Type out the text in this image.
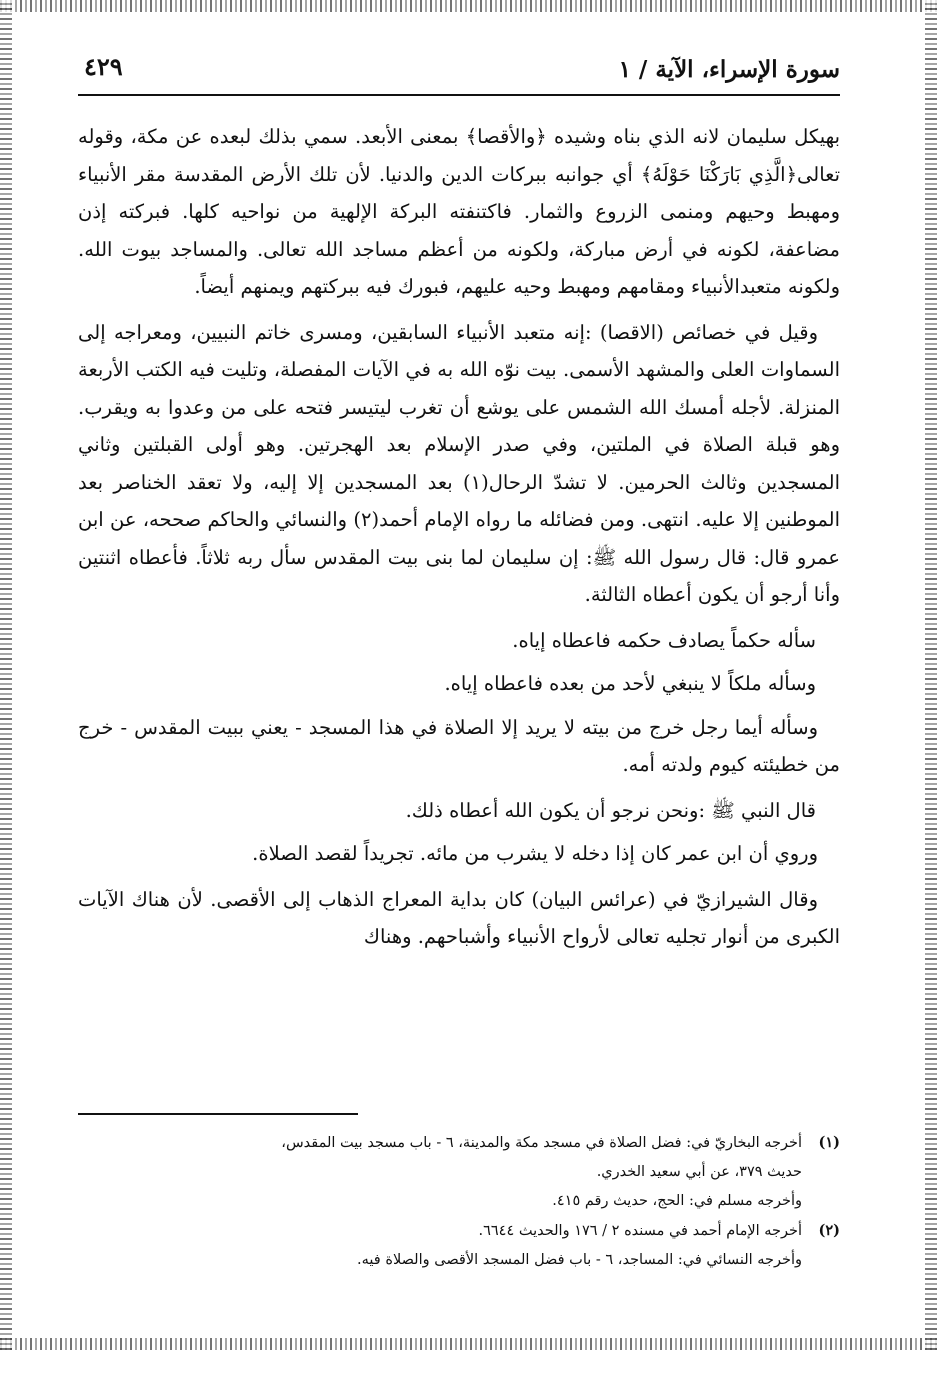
سورة الإسراء، الآية / ١
٤٢٩

بهيكل سليمان لانه الذي بناه وشيده ﴿والأقصا﴾ بمعنى الأبعد. سمي بذلك لبعده عن مكة، وقوله تعالى﴿الَّذِي بَارَكْنَا حَوْلَهُ﴾ أي جوانبه ببركات الدين والدنيا. لأن تلك الأرض المقدسة مقر الأنبياء ومهبط وحيهم ومنمى الزروع والثمار. فاكتنفته البركة الإلهية من نواحيه كلها. فبركته إذن مضاعفة، لكونه في أرض مباركة، ولكونه من أعظم مساجد الله تعالى. والمساجد بيوت الله. ولكونه متعبدالأنبياء ومقامهم ومهبط وحيه عليهم، فبورك فيه ببركتهم ويمنهم أيضاً.

وقيل في خصائص (الاقصا) :إنه متعبد الأنبياء السابقين، ومسرى خاتم النبيين، ومعراجه إلى السماوات العلى والمشهد الأسمى. بيت نوّه الله به في الآيات المفصلة، وتليت فيه الكتب الأربعة المنزلة. لأجله أمسك الله الشمس على يوشع أن تغرب ليتيسر فتحه على من وعدوا به ويقرب. وهو قبلة الصلاة في الملتين، وفي صدر الإسلام بعد الهجرتين. وهو أولى القبلتين وثاني المسجدين وثالث الحرمين. لا تشدّ الرحال(١) بعد المسجدين إلا إليه، ولا تعقد الخناصر بعد الموطنين إلا عليه. انتهى. ومن فضائله ما رواه الإمام أحمد(٢) والنسائي والحاكم صححه، عن ابن عمرو قال: قال رسول الله ﷺ: إن سليمان لما بنى بيت المقدس سأل ربه ثلاثاً. فأعطاه اثنتين وأنا أرجو أن يكون أعطاه الثالثة.

سأله حكماً يصادف حكمه فاعطاه إياه.

وسأله ملكاً لا ينبغي لأحد من بعده فاعطاه إياه.

وسأله أيما رجل خرج من بيته لا يريد إلا الصلاة في هذا المسجد - يعني ببيت المقدس - خرج من خطيئته كيوم ولدته أمه.

قال النبي ﷺ :ونحن نرجو أن يكون الله أعطاه ذلك.

وروي أن ابن عمر كان إذا دخله لا يشرب من مائه. تجريداً لقصد الصلاة.

وقال الشيرازيّ في (عرائس البيان) كان بداية المعراج الذهاب إلى الأقصى. لأن هناك الآيات الكبرى من أنوار تجليه تعالى لأرواح الأنبياء وأشباحهم. وهناك

(١)أخرجه البخاريّ في: فضل الصلاة في مسجد مكة والمدينة، ٦ - باب مسجد بيت المقدس،

حديث ٣٧٩، عن أبي سعيد الخدري.

وأخرجه مسلم في: الحج، حديث رقم ٤١٥.

(٢)أخرجه الإمام أحمد في مسنده ٢ / ١٧٦ والحديث ٦٦٤٤.

وأخرجه النسائي في: المساجد، ٦ - باب فضل المسجد الأقصى والصلاة فيه.
